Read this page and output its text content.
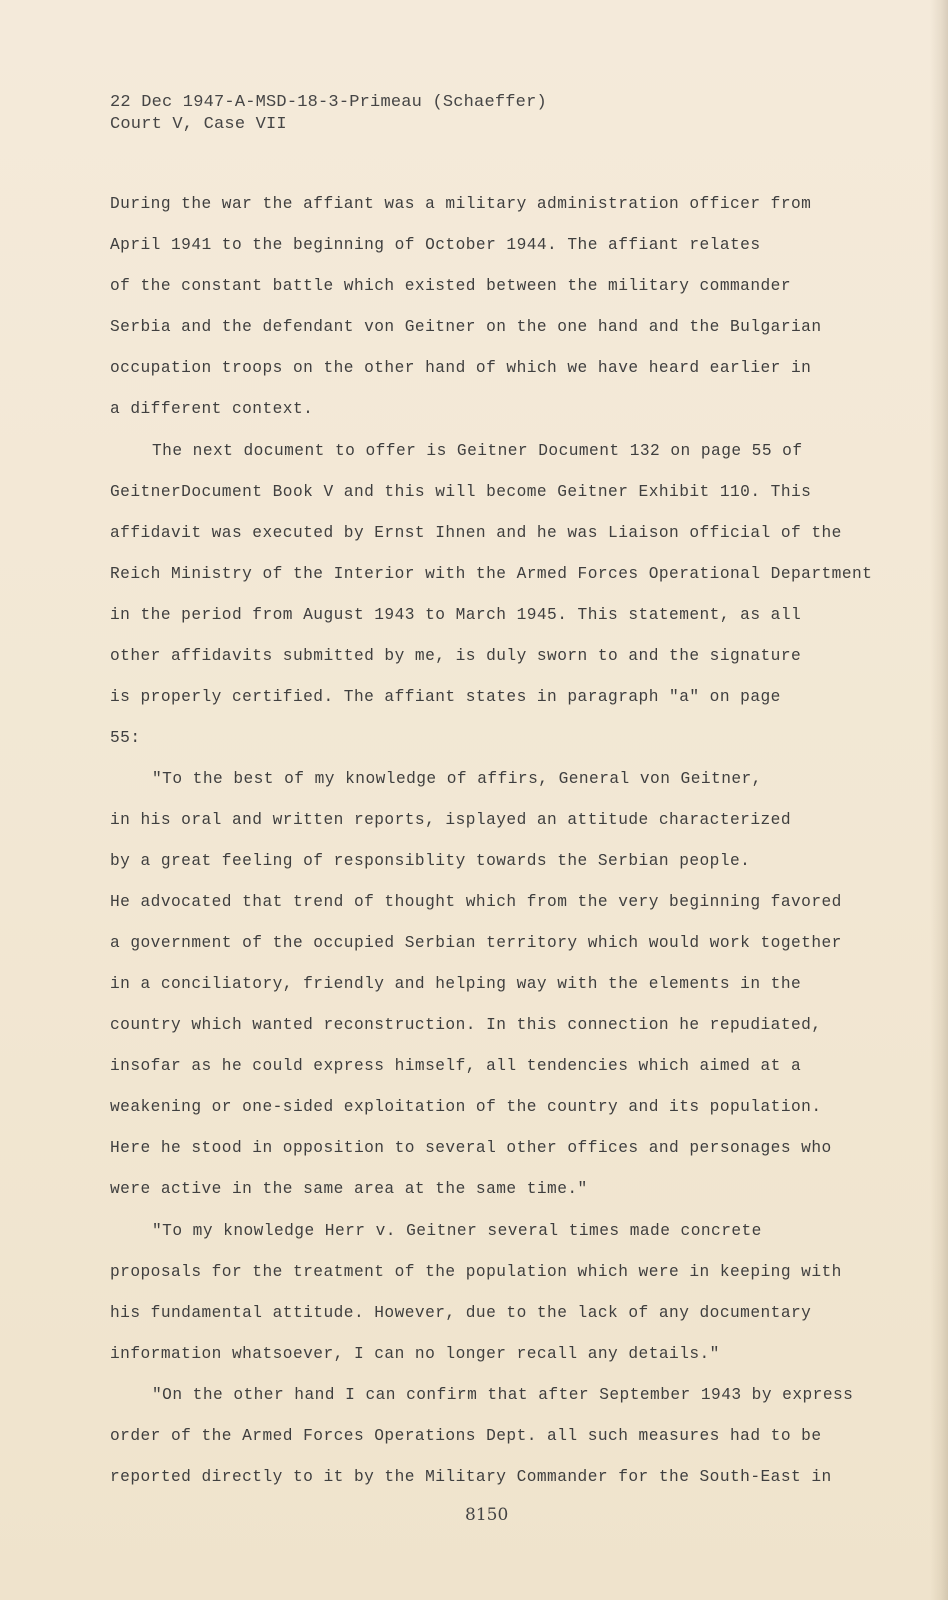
22 Dec 1947-A-MSD-18-3-Primeau (Schaeffer)
Court V, Case VII
During the war the affiant was a military administration officer from
April 1941 to the beginning of October 1944. The affiant relates
of the constant battle which existed between the military commander
Serbia and the defendant von Geitner on the one hand and the Bulgarian
occupation troops on the other hand of which we have heard earlier in
a different context.
The next document to offer is Geitner Document 132 on page 55 of
GeitnerDocument Book V and this will become Geitner Exhibit 110. This
affidavit was executed by Ernst Ihnen and he was Liaison official of the
Reich Ministry of the Interior with the Armed Forces Operational Department
in the period from August 1943 to March 1945. This statement, as all
other affidavits submitted by me, is duly sworn to and the signature
is properly certified. The affiant states in paragraph "a" on page
55:
"To the best of my knowledge of affirs, General von Geitner,
in his oral and written reports, isplayed an attitude characterized
by a great feeling of responsiblity towards the Serbian people.
He advocated that trend of thought which from the very beginning favored
a government of the occupied Serbian territory which would work together
in a conciliatory, friendly and helping way with the elements in the
country which wanted reconstruction. In this connection he repudiated,
insofar as he could express himself, all tendencies which aimed at a
weakening or one-sided exploitation of the country and its population.
Here he stood in opposition to several other offices and personages who
were active in the same area at the same time."
"To my knowledge Herr v. Geitner several times made concrete
proposals for the treatment of the population which were in keeping with
his fundamental attitude. However, due to the lack of any documentary
information whatsoever, I can no longer recall any details."
"On the other hand I can confirm that after September 1943 by express
order of the Armed Forces Operations Dept. all such measures had to be
reported directly to it by the Military Commander for the South-East in
8150
